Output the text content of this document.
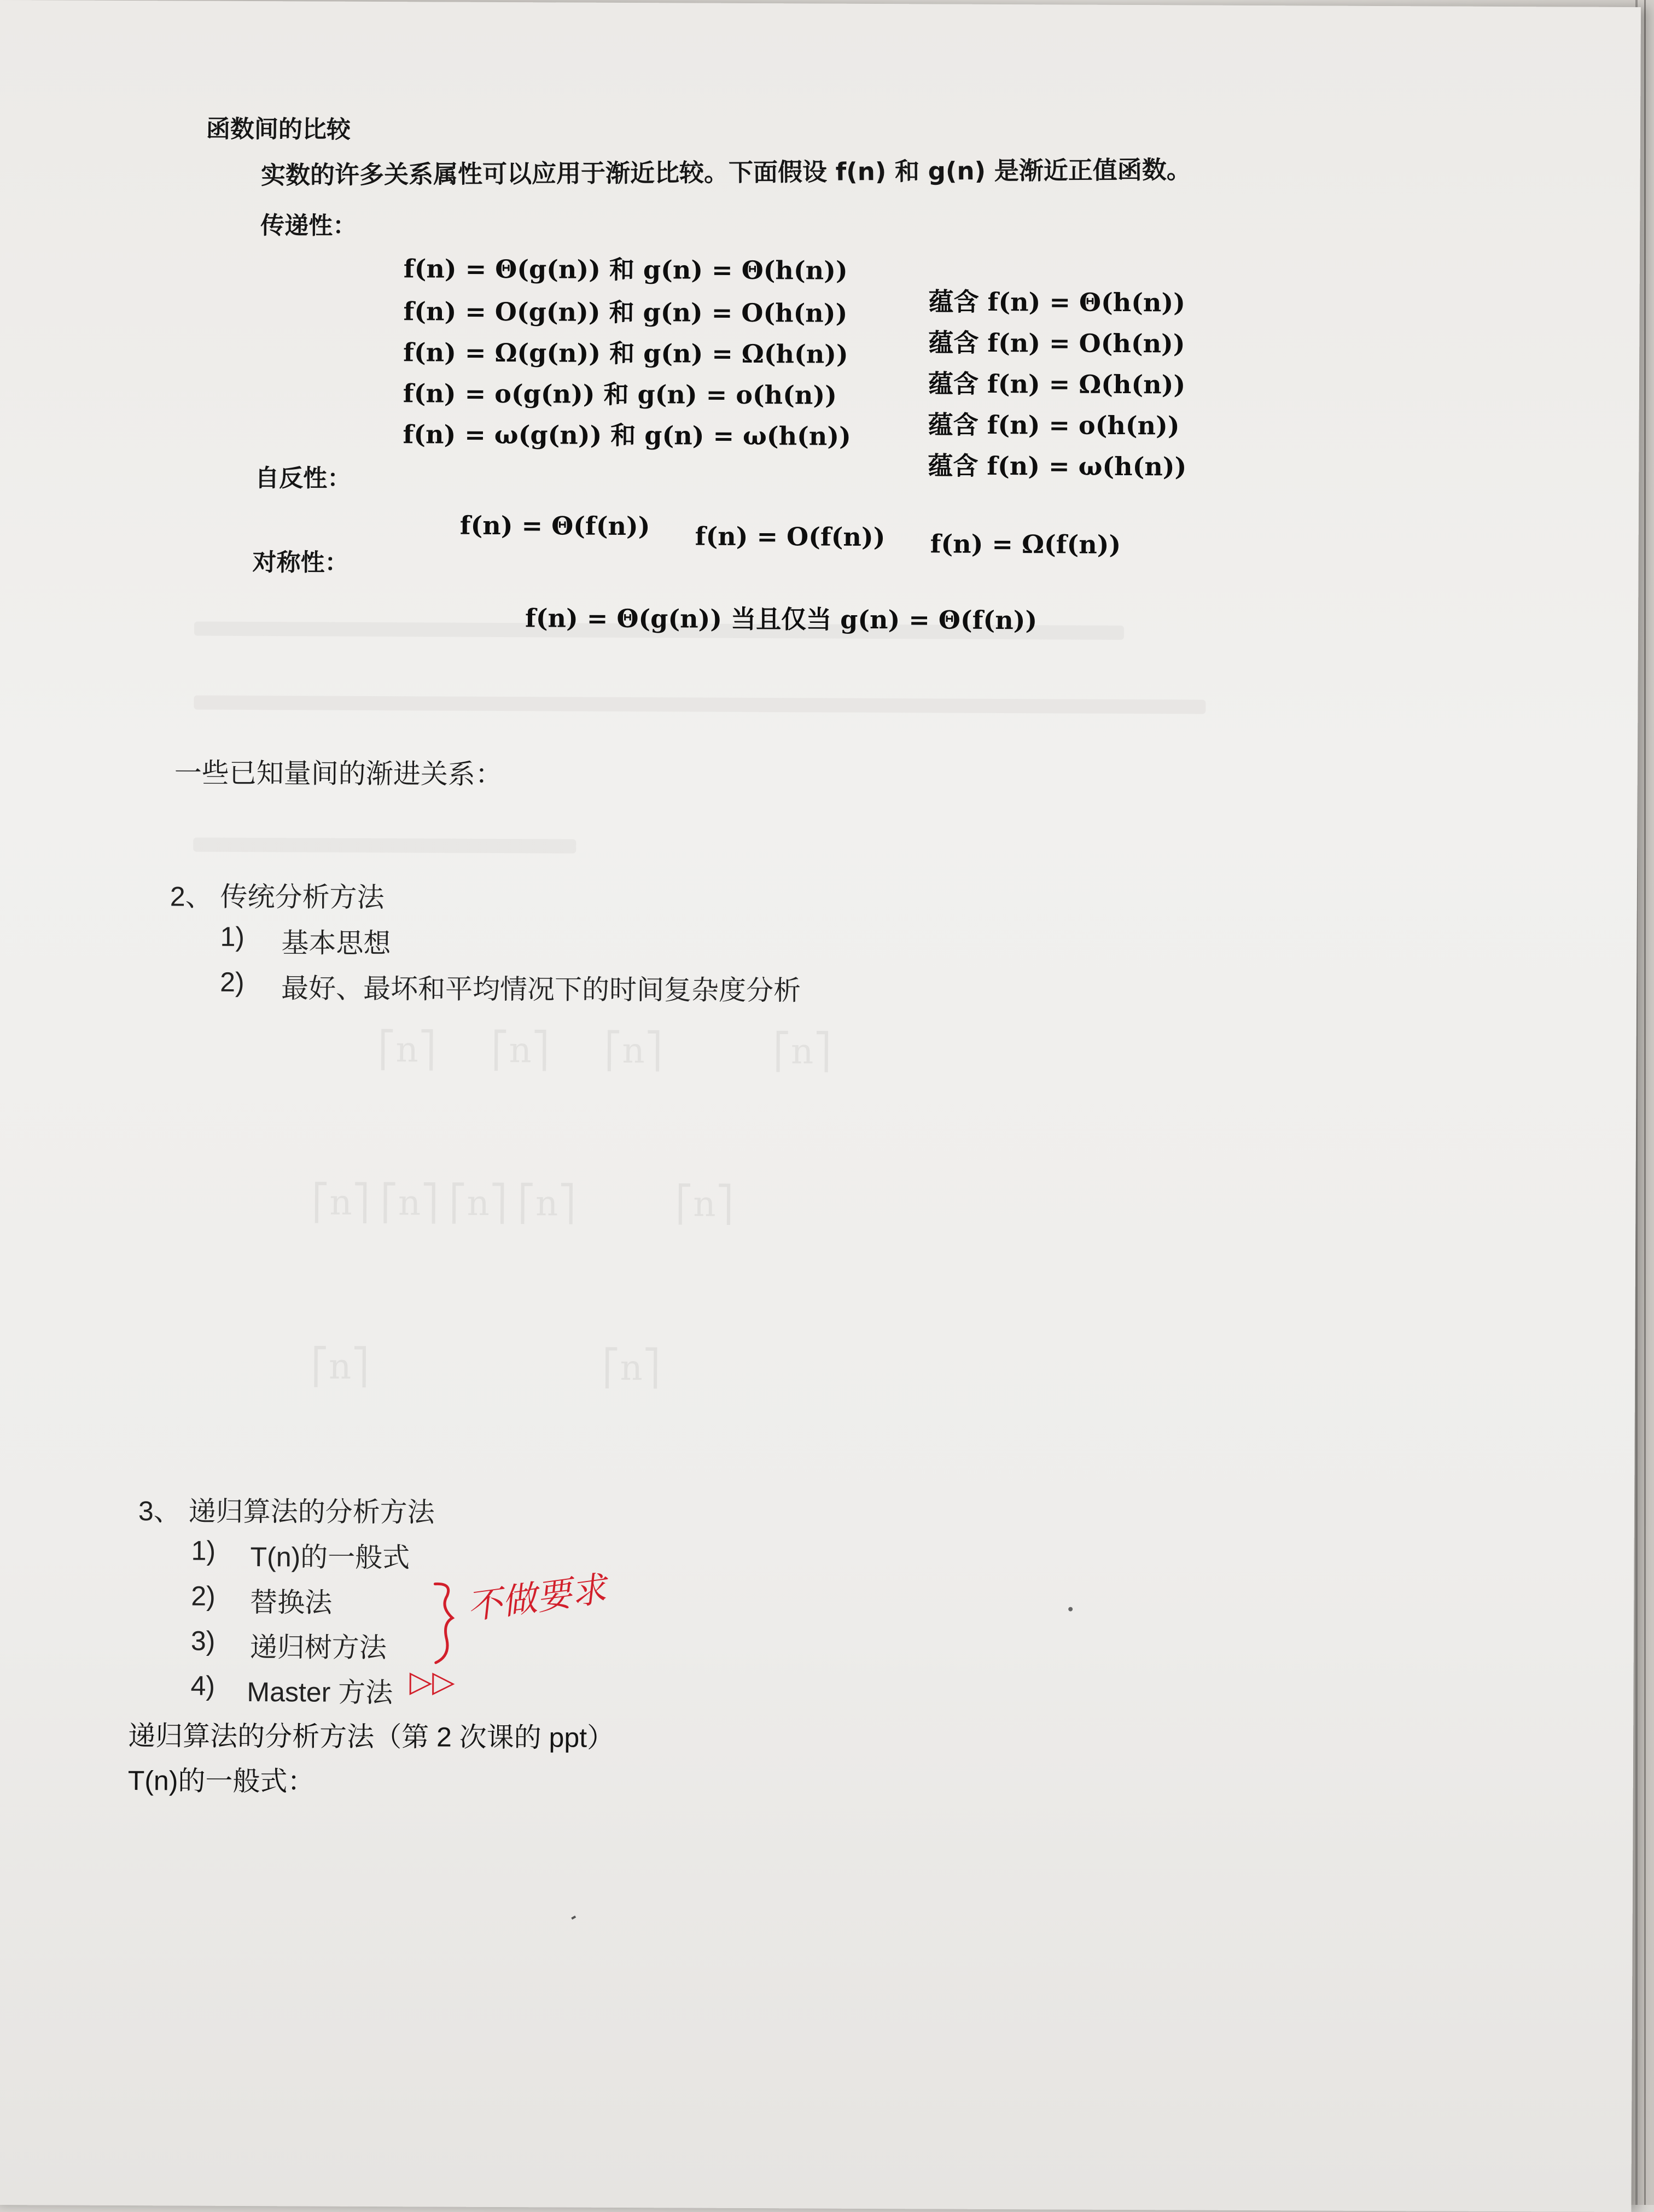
⎡n⎤     ⎡n⎤     ⎡n⎤          ⎡n⎤
⎡n⎤ ⎡n⎤ ⎡n⎤ ⎡n⎤         ⎡n⎤
⎡n⎤                     ⎡n⎤
函数间的比较
实数的许多关系属性可以应用于渐近比较。下面假设 f(n) 和 g(n) 是渐近正值函数。
传递性：
f(n) = Θ(g(n)) 和 g(n) = Θ(h(n))
蕴含 f(n) = Θ(h(n))
f(n) = O(g(n)) 和 g(n) = O(h(n))
蕴含 f(n) = O(h(n))
f(n) = Ω(g(n)) 和 g(n) = Ω(h(n))
蕴含 f(n) = Ω(h(n))
f(n) = o(g(n)) 和 g(n) = o(h(n))
蕴含 f(n) = o(h(n))
f(n) = ω(g(n)) 和 g(n) = ω(h(n))
蕴含 f(n) = ω(h(n))
自反性：
f(n) = Θ(f(n)) f(n) = O(f(n)) f(n) = Ω(f(n))
对称性：
f(n) = Θ(g(n)) 当且仅当 g(n) = Θ(f(n))
一些已知量间的渐进关系：
2、 传统分析方法
1) 基本思想
2) 最好、最坏和平均情况下的时间复杂度分析
3、 递归算法的分析方法
1) T(n)的一般式
2) 替换法
3) 递归树方法
4) Master 方法
不做要求
▷▷
递归算法的分析方法（第 2 次课的 ppt）
T(n)的一般式：
